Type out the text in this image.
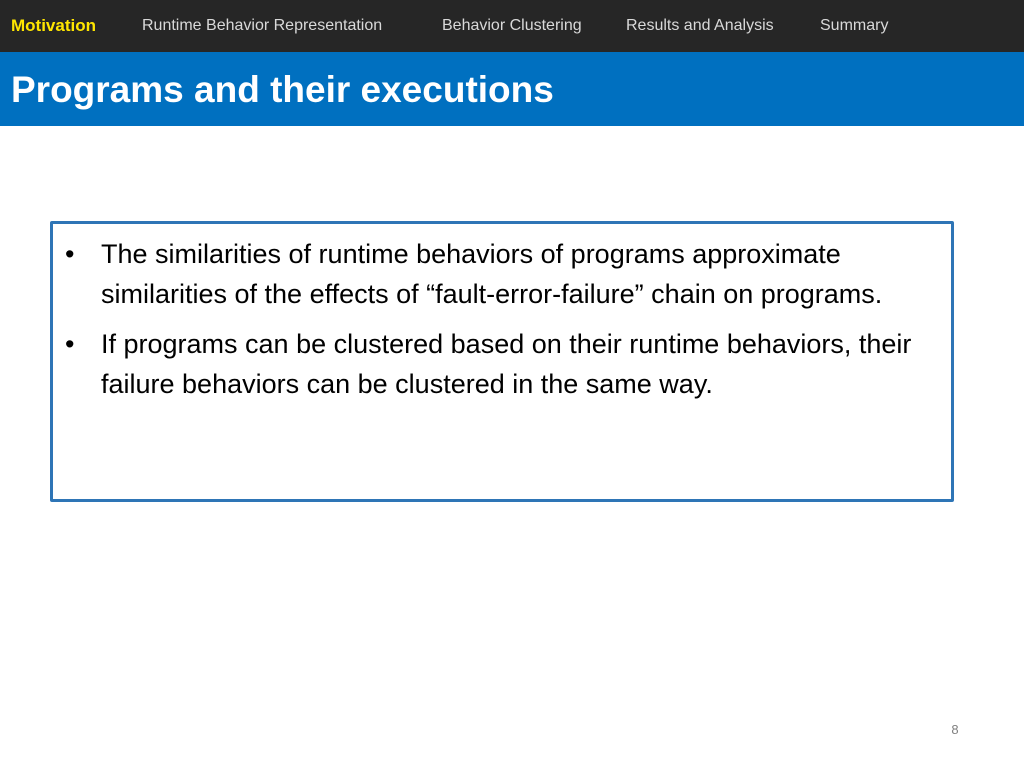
Motivation	Runtime Behavior Representation	Behavior Clustering	Results and Analysis	Summary
Programs and their executions
• The similarities of runtime behaviors of programs approximate similarities of the effects of “fault-error-failure” chain on programs.
• If programs can be clustered based on their runtime behaviors, their failure behaviors can be clustered in the same way.
8
